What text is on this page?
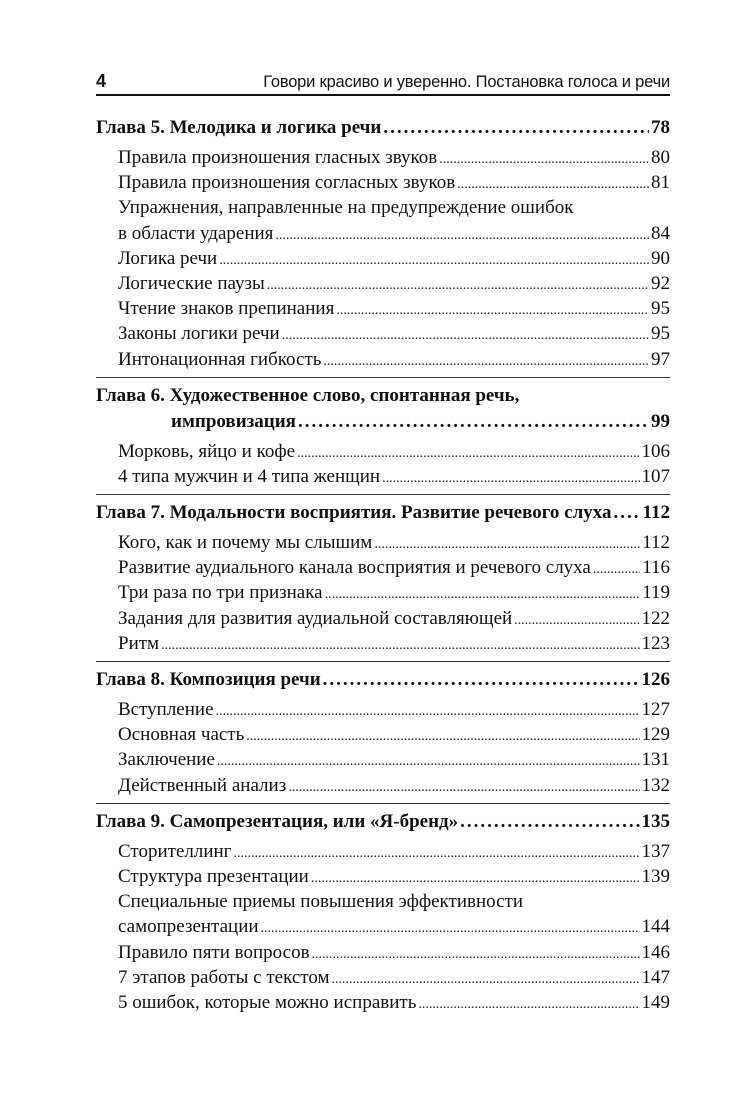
4	Говори красиво и уверенно. Постановка голоса и речи
Глава 5. Мелодика и логика речи .....	78
Правила произношения гласных звуков .....	80
Правила произношения согласных звуков .....	81
Упражнения, направленные на предупреждение ошибок
в области ударения .....	84
Логика речи .....	90
Логические паузы .....	92
Чтение знаков препинания .....	95
Законы логики речи .....	95
Интонационная гибкость .....	97
Глава 6. Художественное слово, спонтанная речь,
импровизация .....	99
Морковь, яйцо и кофе .....	106
4 типа мужчин и 4 типа женщин .....	107
Глава 7. Модальности восприятия. Развитие речевого слуха ..... 112
Кого, как и почему мы слышим .....	112
Развитие аудиального канала восприятия и речевого слуха .....	116
Три раза по три признака .....	119
Задания для развития аудиальной составляющей .....	122
Ритм .....	123
Глава 8. Композиция речи .....	126
Вступление .....	127
Основная часть .....	129
Заключение .....	131
Действенный анализ .....	132
Глава 9. Самопрезентация, или «Я-бренд» .....	135
Сторителлинг .....	137
Структура презентации .....	139
Специальные приемы повышения эффективности
самопрезентации .....	144
Правило пяти вопросов .....	146
7 этапов работы с текстом .....	147
5 ошибок, которые можно исправить .....	149
